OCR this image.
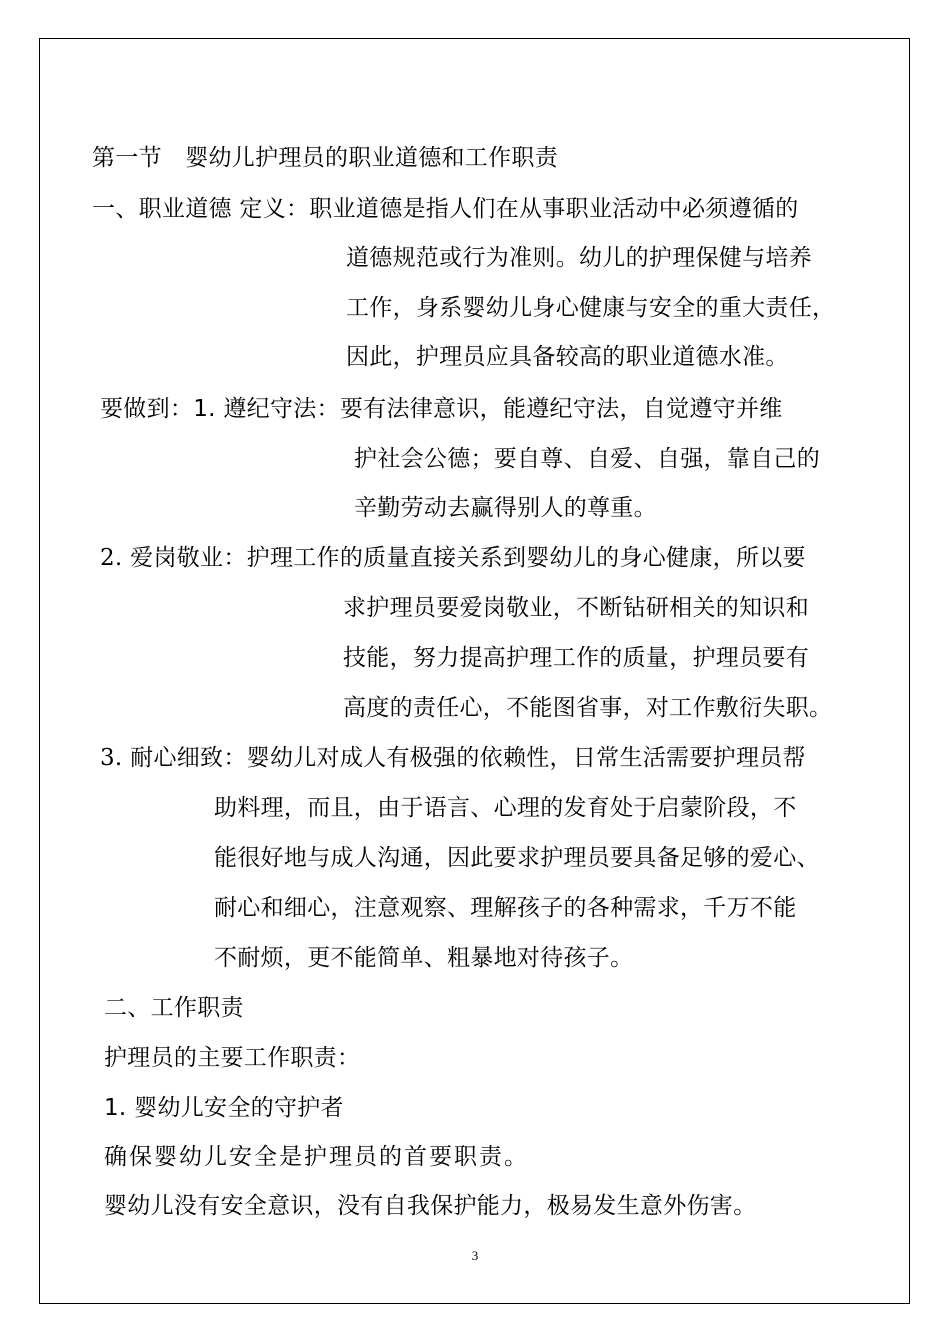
第一节　婴幼儿护理员的职业道德和工作职责
一、职业道德 定义：职业道德是指人们在从事职业活动中必须遵循的
道德规范或行为准则。幼儿的护理保健与培养
工作，身系婴幼儿身心健康与安全的重大责任，
因此，护理员应具备较高的职业道德水准。
要做到：1. 遵纪守法：要有法律意识，能遵纪守法，自觉遵守并维
护社会公德；要自尊、自爱、自强，靠自己的
辛勤劳动去赢得别人的尊重。
2. 爱岗敬业：护理工作的质量直接关系到婴幼儿的身心健康，所以要
求护理员要爱岗敬业，不断钻研相关的知识和
技能，努力提高护理工作的质量，护理员要有
高度的责任心，不能图省事，对工作敷衍失职。
3. 耐心细致：婴幼儿对成人有极强的依赖性，日常生活需要护理员帮
助料理，而且，由于语言、心理的发育处于启蒙阶段，不
能很好地与成人沟通，因此要求护理员要具备足够的爱心、
耐心和细心，注意观察、理解孩子的各种需求，千万不能
不耐烦，更不能简单、粗暴地对待孩子。
二、工作职责
护理员的主要工作职责：
1. 婴幼儿安全的守护者
确保婴幼儿安全是护理员的首要职责。
婴幼儿没有安全意识，没有自我保护能力，极易发生意外伤害。
3
